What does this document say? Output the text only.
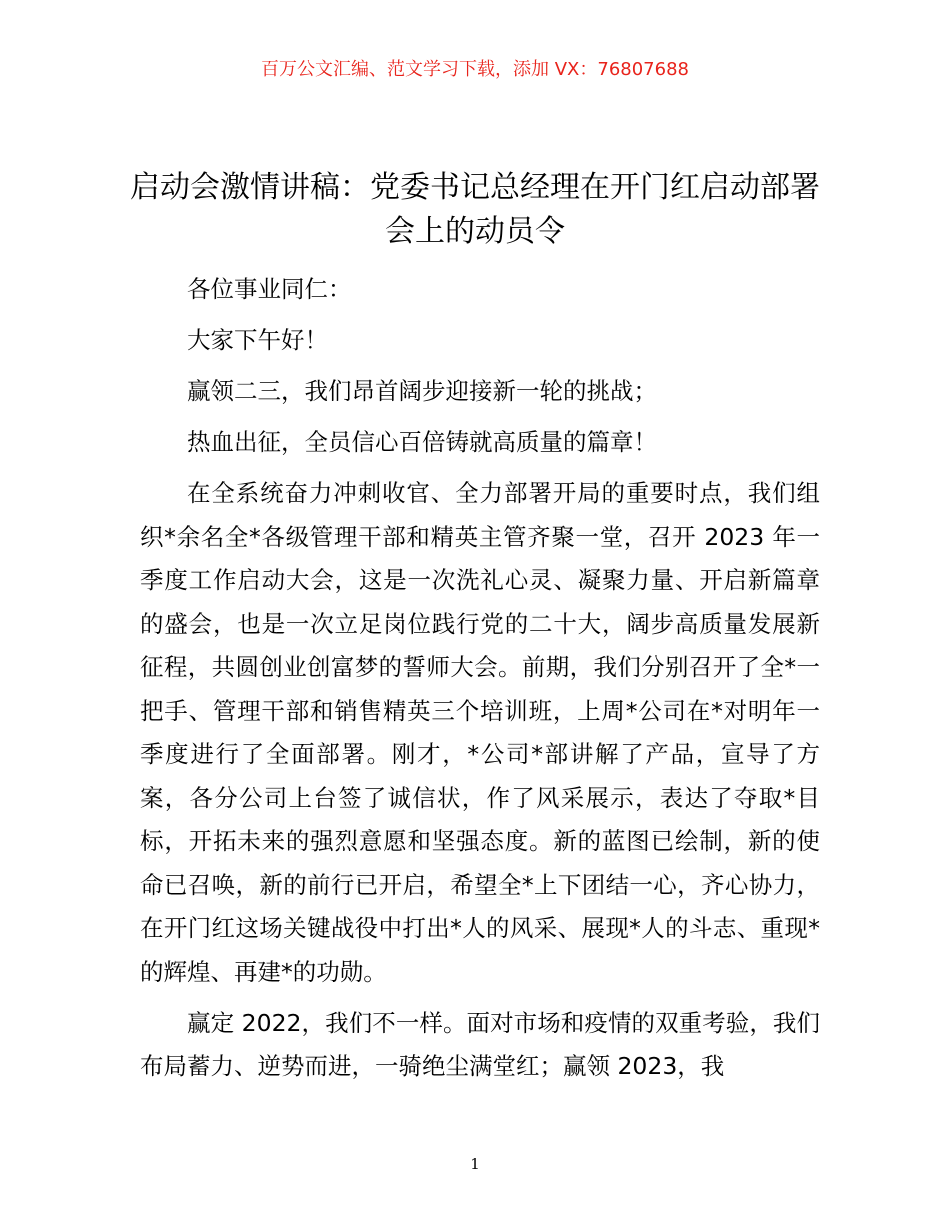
百万公文汇编、范文学习下载，添加 VX：76807688
启动会激情讲稿：党委书记总经理在开门红启动部署会上的动员令

各位事业同仁：

大家下午好！

赢领二三，我们昂首阔步迎接新一轮的挑战；

热血出征，全员信心百倍铸就高质量的篇章！

在全系统奋力冲刺收官、全力部署开局的重要时点，我们组织*余名全*各级管理干部和精英主管齐聚一堂，召开 2023 年一季度工作启动大会，这是一次洗礼心灵、凝聚力量、开启新篇章的盛会，也是一次立足岗位践行党的二十大，阔步高质量发展新征程，共圆创业创富梦的誓师大会。前期，我们分别召开了全*一把手、管理干部和销售精英三个培训班，上周*公司在*对明年一季度进行了全面部署。刚才，*公司*部讲解了产品，宣导了方案，各分公司上台签了诚信状，作了风采展示，表达了夺取*目标，开拓未来的强烈意愿和坚强态度。新的蓝图已绘制，新的使命已召唤，新的前行已开启，希望全*上下团结一心，齐心协力，在开门红这场关键战役中打出*人的风采、展现*人的斗志、重现*的辉煌、再建*的功勋。

赢定 2022，我们不一样。面对市场和疫情的双重考验，我们布局蓄力、逆势而进，一骑绝尘满堂红；赢领 2023，我

1
